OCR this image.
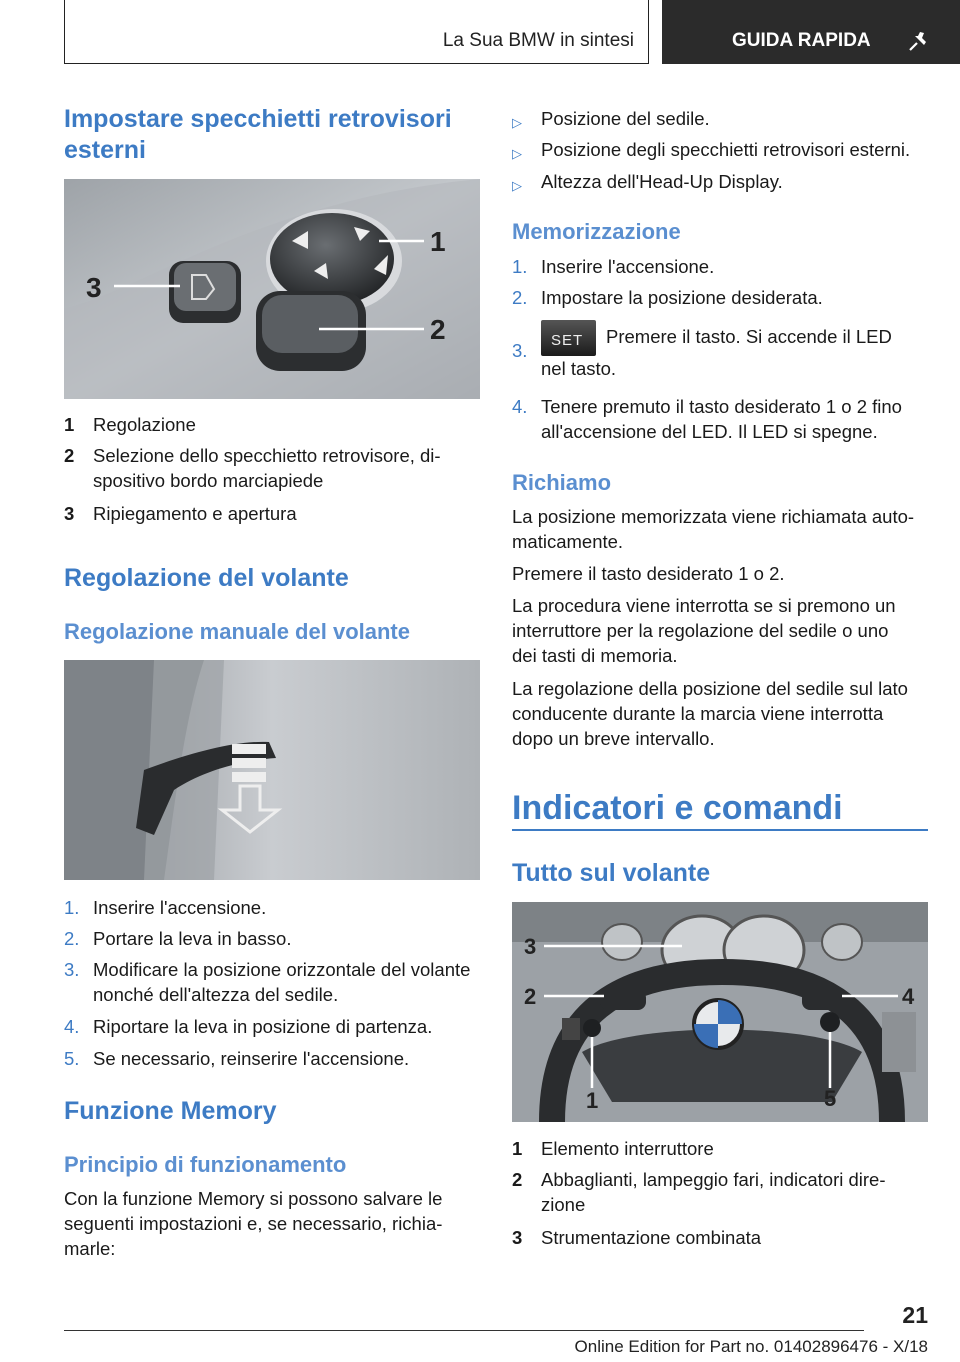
La Sua BMW in sintesi	GUIDA RAPIDA
Impostare specchietti retrovisori esterni
1
2
3
1 Regolazione
2 Selezione dello specchietto retrovisore, di-
spositivo bordo marciapiede
3 Ripiegamento e apertura
Regolazione del volante
Regolazione manuale del volante
1. Inserire l'accensione.
2. Portare la leva in basso.
3. Modificare la posizione orizzontale del volante
nonché dell'altezza del sedile.
4. Riportare la leva in posizione di partenza.
5. Se necessario, reinserire l'accensione.
Funzione Memory
Principio di funzionamento

Con la funzione Memory si possono salvare le
seguenti impostazioni e, se necessario, richia-
marle:

▷ Posizione del sedile.
▷ Posizione degli specchietti retrovisori esterni.
▷ Altezza dell'Head-Up Display.
Memorizzazione
1. Inserire l'accensione.
2. Impostare la posizione desiderata.
3. SET Premere il tasto. Si accende il LED
nel tasto.
4. Tenere premuto il tasto desiderato 1 o 2 fino
all'accensione del LED. Il LED si spegne.
Richiamo

La posizione memorizzata viene richiamata auto-
maticamente.

Premere il tasto desiderato 1 o 2.

La procedura viene interrotta se si premono un
interruttore per la regolazione del sedile o uno
dei tasti di memoria.

La regolazione della posizione del sedile sul lato
conducente durante la marcia viene interrotta
dopo un breve intervallo.

Indicatori e comandi
Tutto sul volante
1
2
3
4
5
1 Elemento interruttore
2 Abbaglianti, lampeggio fari, indicatori dire-
zione
3 Strumentazione combinata
21
Online Edition for Part no. 01402896476 - X/18
